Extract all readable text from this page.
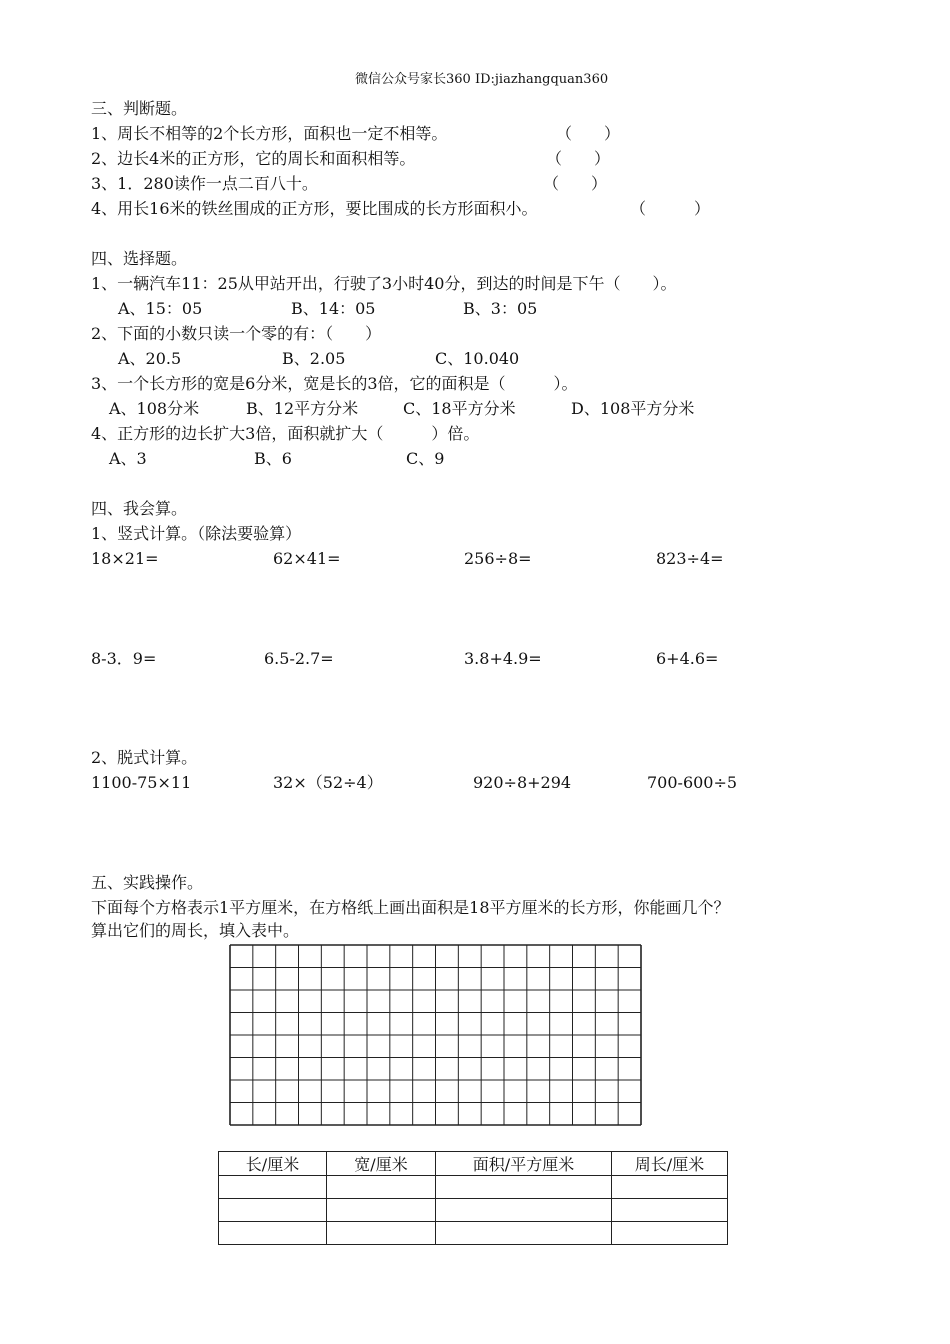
微信公众号家长360 ID:jiazhangquan360
三、判断题。
1、周长不相等的2个长方形，面积也一定不相等。	（　　）
2、边长4米的正方形，它的周长和面积相等。	（　　）
3、1．280读作一点二百八十。	（　　）
4、用长16米的铁丝围成的正方形，要比围成的长方形面积小。	（　　　）
四、选择题。
1、一辆汽车11：25从甲站开出，行驶了3小时40分，到达的时间是下午（　　）。
A、15：05	B、14：05	B、3：05
2、下面的小数只读一个零的有：（　　）
A、20.5	B、2.05	C、10.040
3、一个长方形的宽是6分米，宽是长的3倍，它的面积是（　　　）。
A、108分米	B、12平方分米	C、18平方分米	D、108平方分米
4、正方形的边长扩大3倍，面积就扩大（　　　）倍。
A、3	B、6	C、9
四、我会算。
1、竖式计算。（除法要验算）
18×21=	62×41=	256÷8=	823÷4=
8-3．9=	6.5-2.7=	3.8+4.9=	6+4.6=
2、脱式计算。
1100-75×11	32×（52÷4）	920÷8+294	700-600÷5
五、实践操作。
下面每个方格表示1平方厘米，在方格纸上画出面积是18平方厘米的长方形，你能画几个？
算出它们的周长，填入表中。
长/厘米	宽/厘米	面积/平方厘米	周长/厘米
